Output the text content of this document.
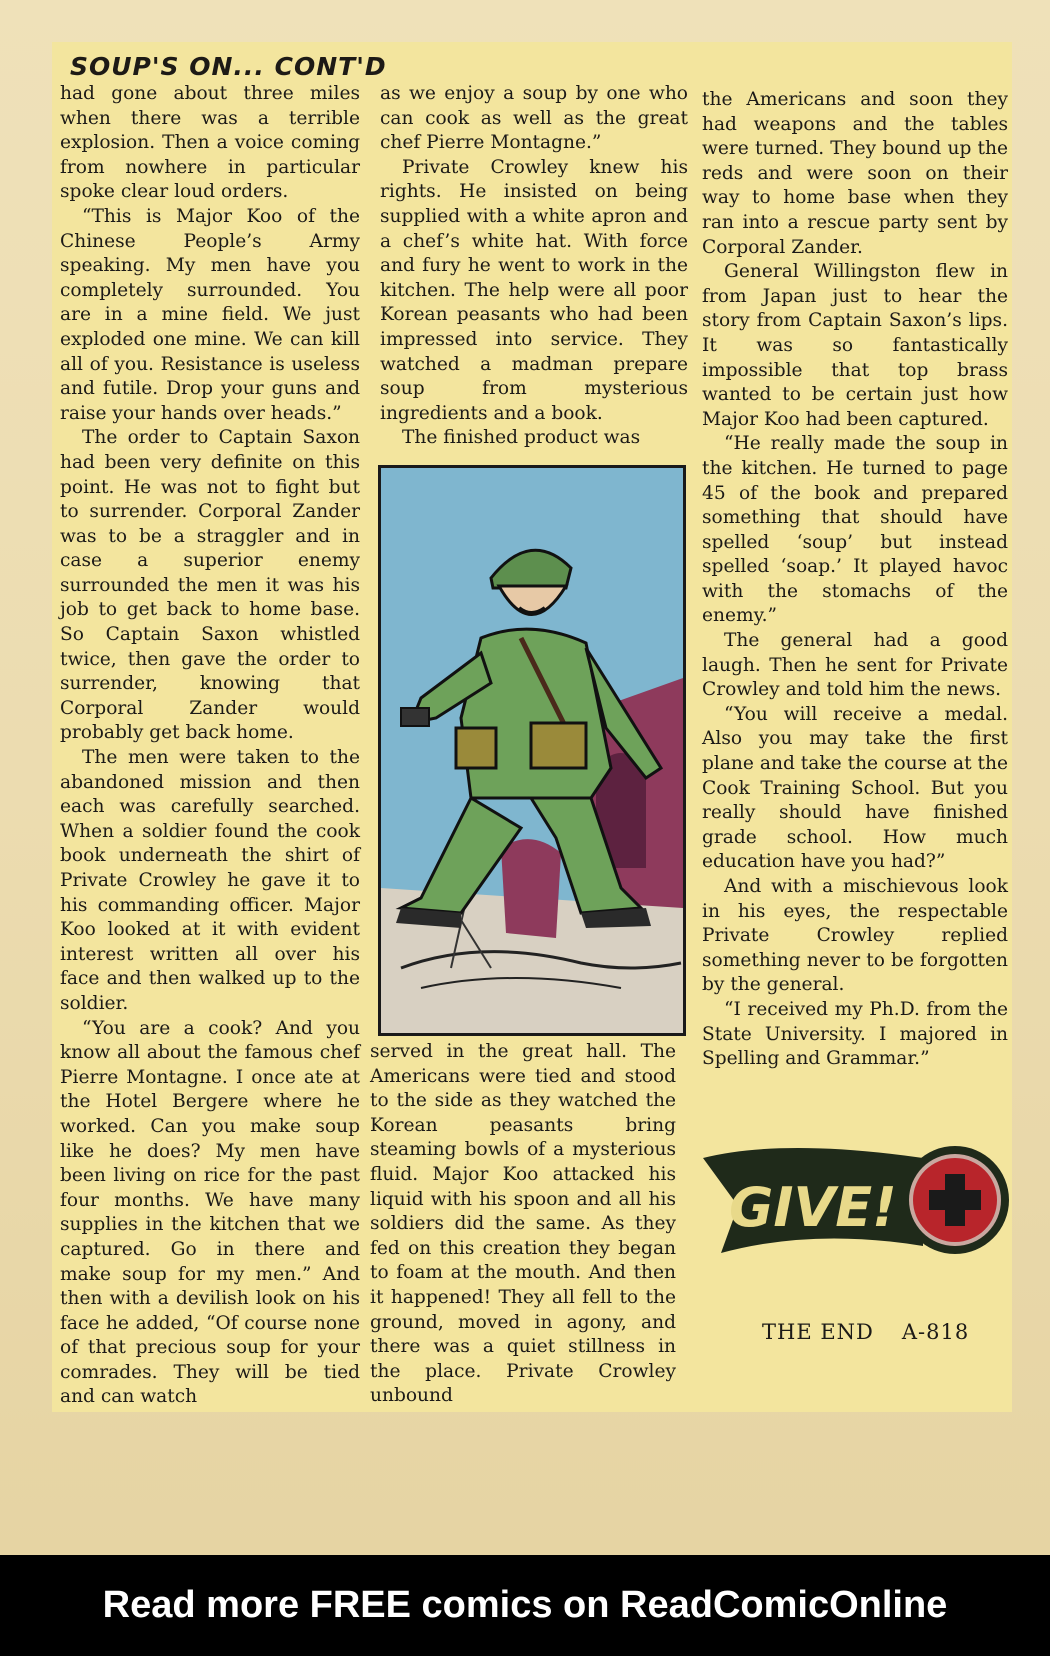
SOUP'S ON... CONT'D

had gone about three miles when there was a terrible explosion. Then a voice coming from nowhere in particular spoke clear loud orders.

“This is Major Koo of the Chinese People’s Army speaking. My men have you completely surrounded. You are in a mine field. We just exploded one mine. We can kill all of you. Resistance is useless and futile. Drop your guns and raise your hands over heads.”

The order to Captain Saxon had been very definite on this point. He was not to fight but to surrender. Corporal Zander was to be a straggler and in case a superior enemy surrounded the men it was his job to get back to home base. So Captain Saxon whistled twice, then gave the order to surrender, knowing that Corporal Zander would probably get back home.

The men were taken to the abandoned mission and then each was carefully searched. When a soldier found the cook book underneath the shirt of Private Crowley he gave it to his commanding officer. Major Koo looked at it with evident interest written all over his face and then walked up to the soldier.

“You are a cook? And you know all about the famous chef Pierre Montagne. I once ate at the Hotel Bergere where he worked. Can you make soup like he does? My men have been living on rice for the past four months. We have many supplies in the kitchen that we captured. Go in there and make soup for my men.” And then with a devilish look on his face he added, “Of course none of that precious soup for your comrades. They will be tied and can watch

as we enjoy a soup by one who can cook as well as the great chef Pierre Montagne.”

Private Crowley knew his rights. He insisted on being supplied with a white apron and a chef’s white hat. With force and fury he went to work in the kitchen. The help were all poor Korean peasants who had been impressed into service. They watched a madman prepare soup from mysterious ingredients and a book.

The finished product was

served in the great hall. The Americans were tied and stood to the side as they watched the Korean peasants bring steaming bowls of a mysterious fluid. Major Koo attacked his liquid with his spoon and all his soldiers did the same. As they fed on this creation they began to foam at the mouth. And then it happened! They all fell to the ground, moved in agony, and there was a quiet stillness in the place. Private Crowley unbound

the Americans and soon they had weapons and the tables were turned. They bound up the reds and were soon on their way to home base when they ran into a rescue party sent by Corporal Zander.

General Willingston flew in from Japan just to hear the story from Captain Saxon’s lips. It was so fantastically impossible that top brass wanted to be certain just how Major Koo had been captured.

“He really made the soup in the kitchen. He turned to page 45 of the book and prepared something that should have spelled ‘soup’ but instead spelled ‘soap.’ It played havoc with the stomachs of the enemy.”

The general had a good laugh. Then he sent for Private Crowley and told him the news.

“You will receive a medal. Also you may take the first plane and take the course at the Cook Training School. But you really should have finished grade school. How much education have you had?”

And with a mischievous look in his eyes, the respectable Private Crowley replied something never to be forgotten by the general.

“I received my Ph.D. from the State University. I majored in Spelling and Grammar.”

GIVE!
THE END A-818
Read more FREE comics on ReadComicOnline
